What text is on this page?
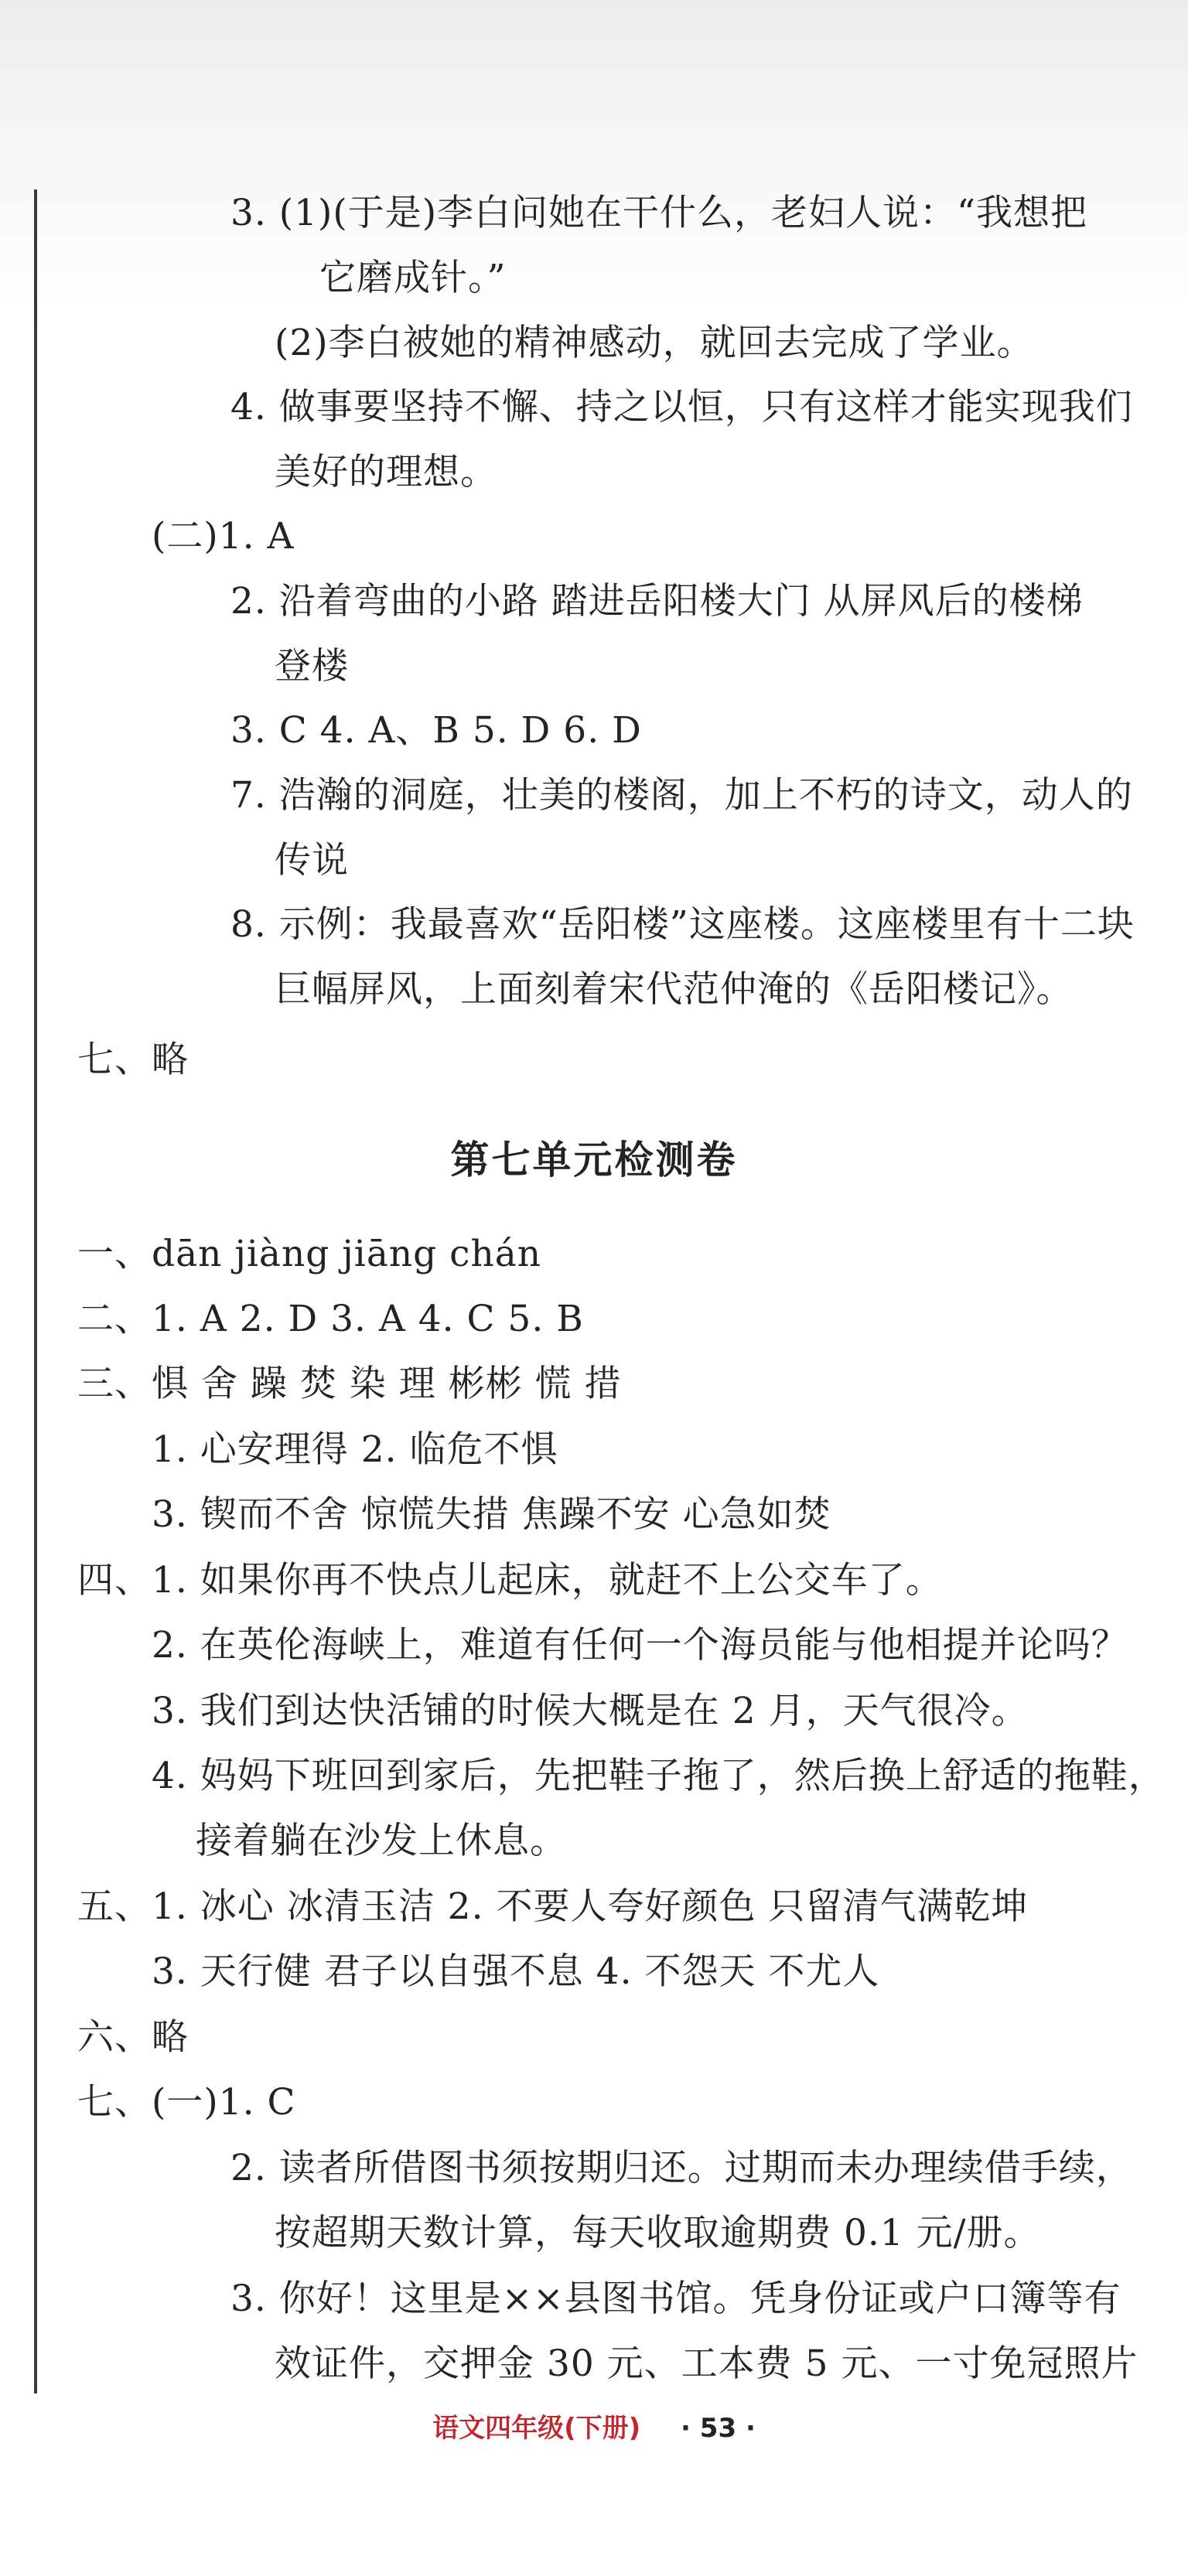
3. (1)(于是)李白问她在干什么，老妇人说：“我想把
它磨成针。”
(2)李白被她的精神感动，就回去完成了学业。
4. 做事要坚持不懈、持之以恒，只有这样才能实现我们
美好的理想。
(二)1. A
2. 沿着弯曲的小路 踏进岳阳楼大门 从屏风后的楼梯
登楼
3. C 4. A、B 5. D 6. D
7. 浩瀚的洞庭，壮美的楼阁，加上不朽的诗文，动人的
传说
8. 示例：我最喜欢“岳阳楼”这座楼。这座楼里有十二块
巨幅屏风，上面刻着宋代范仲淹的《岳阳楼记》。
七、略
第七单元检测卷
一、dān jiàng jiāng chán
二、1. A 2. D 3. A 4. C 5. B
三、惧 舍 躁 焚 染 理 彬彬 慌 措
1. 心安理得 2. 临危不惧
3. 锲而不舍 惊慌失措 焦躁不安 心急如焚
四、1. 如果你再不快点儿起床，就赶不上公交车了。
2. 在英伦海峡上，难道有任何一个海员能与他相提并论吗？
3. 我们到达快活铺的时候大概是在 2 月，天气很冷。
4. 妈妈下班回到家后，先把鞋子拖了，然后换上舒适的拖鞋，
接着躺在沙发上休息。
五、1. 冰心 冰清玉洁 2. 不要人夸好颜色 只留清气满乾坤
3. 天行健 君子以自强不息 4. 不怨天 不尤人
六、略
七、(一)1. C
2. 读者所借图书须按期归还。过期而未办理续借手续，
按超期天数计算，每天收取逾期费 0.1 元/册。
3. 你好！这里是××县图书馆。凭身份证或户口簿等有
效证件，交押金 30 元、工本费 5 元、一寸免冠照片
语文四年级(下册) · 53 ·
